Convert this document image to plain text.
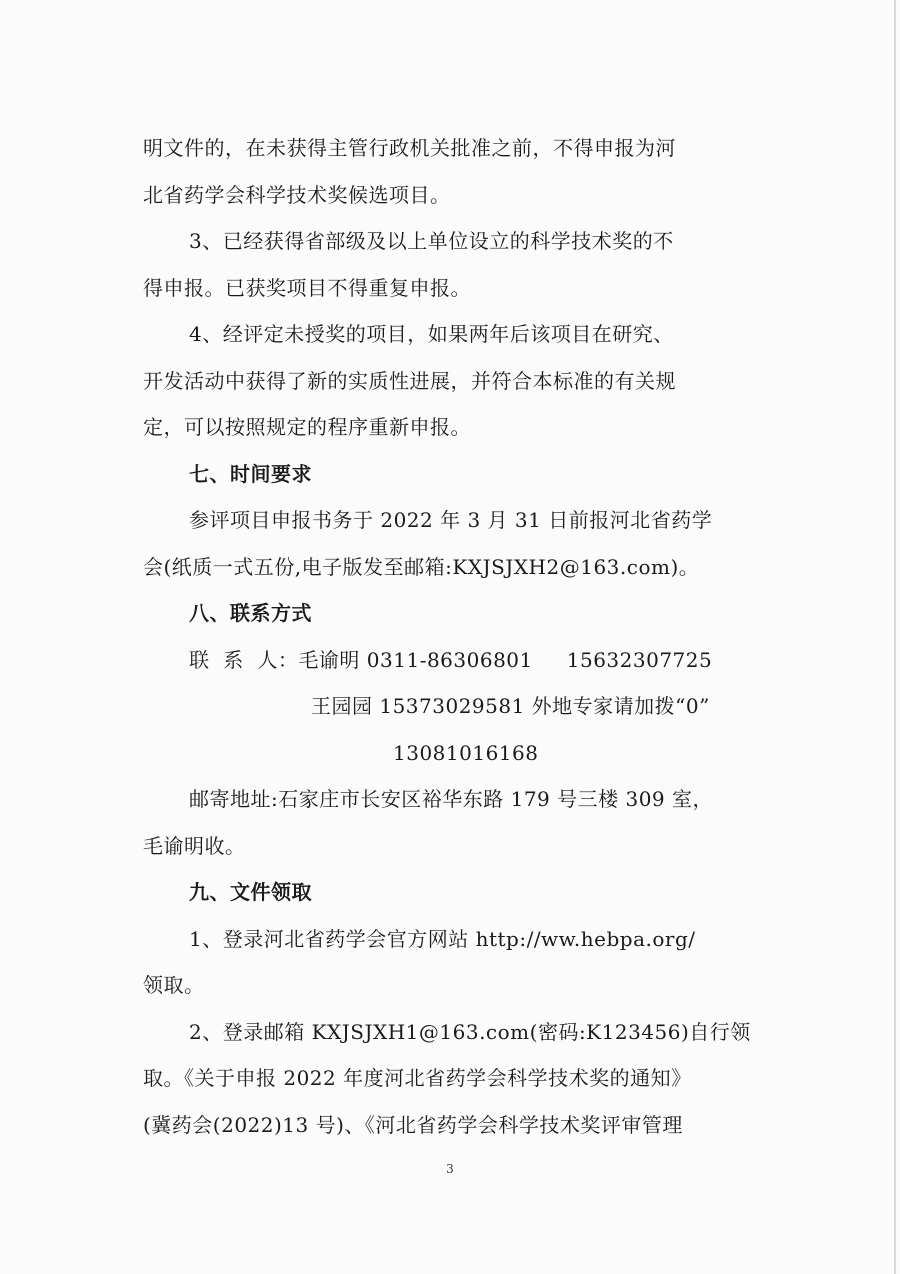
明文件的，在未获得主管行政机关批准之前，不得申报为河

北省药学会科学技术奖候选项目。

3、已经获得省部级及以上单位设立的科学技术奖的不

得申报。已获奖项目不得重复申报。

4、经评定未授奖的项目，如果两年后该项目在研究、

开发活动中获得了新的实质性进展，并符合本标准的有关规

定，可以按照规定的程序重新申报。

七、时间要求

参评项目申报书务于 2022 年 3 月 31 日前报河北省药学

会(纸质一式五份,电子版发至邮箱:KXJSJXH2@163.com)。

八、联系方式

联  系  人：毛谕明 0311-86306801 15632307725

王园园 15373029581 外地专家请加拨“0”

13081016168

邮寄地址:石家庄市长安区裕华东路 179 号三楼 309 室，

毛谕明收。

九、文件领取

1、登录河北省药学会官方网站 http://ww.hebpa.org/

领取。

2、登录邮箱 KXJSJXH1@163.com(密码:K123456)自行领

取。《关于申报 2022 年度河北省药学会科学技术奖的通知》

(冀药会(2022)13 号)、《河北省药学会科学技术奖评审管理

3
